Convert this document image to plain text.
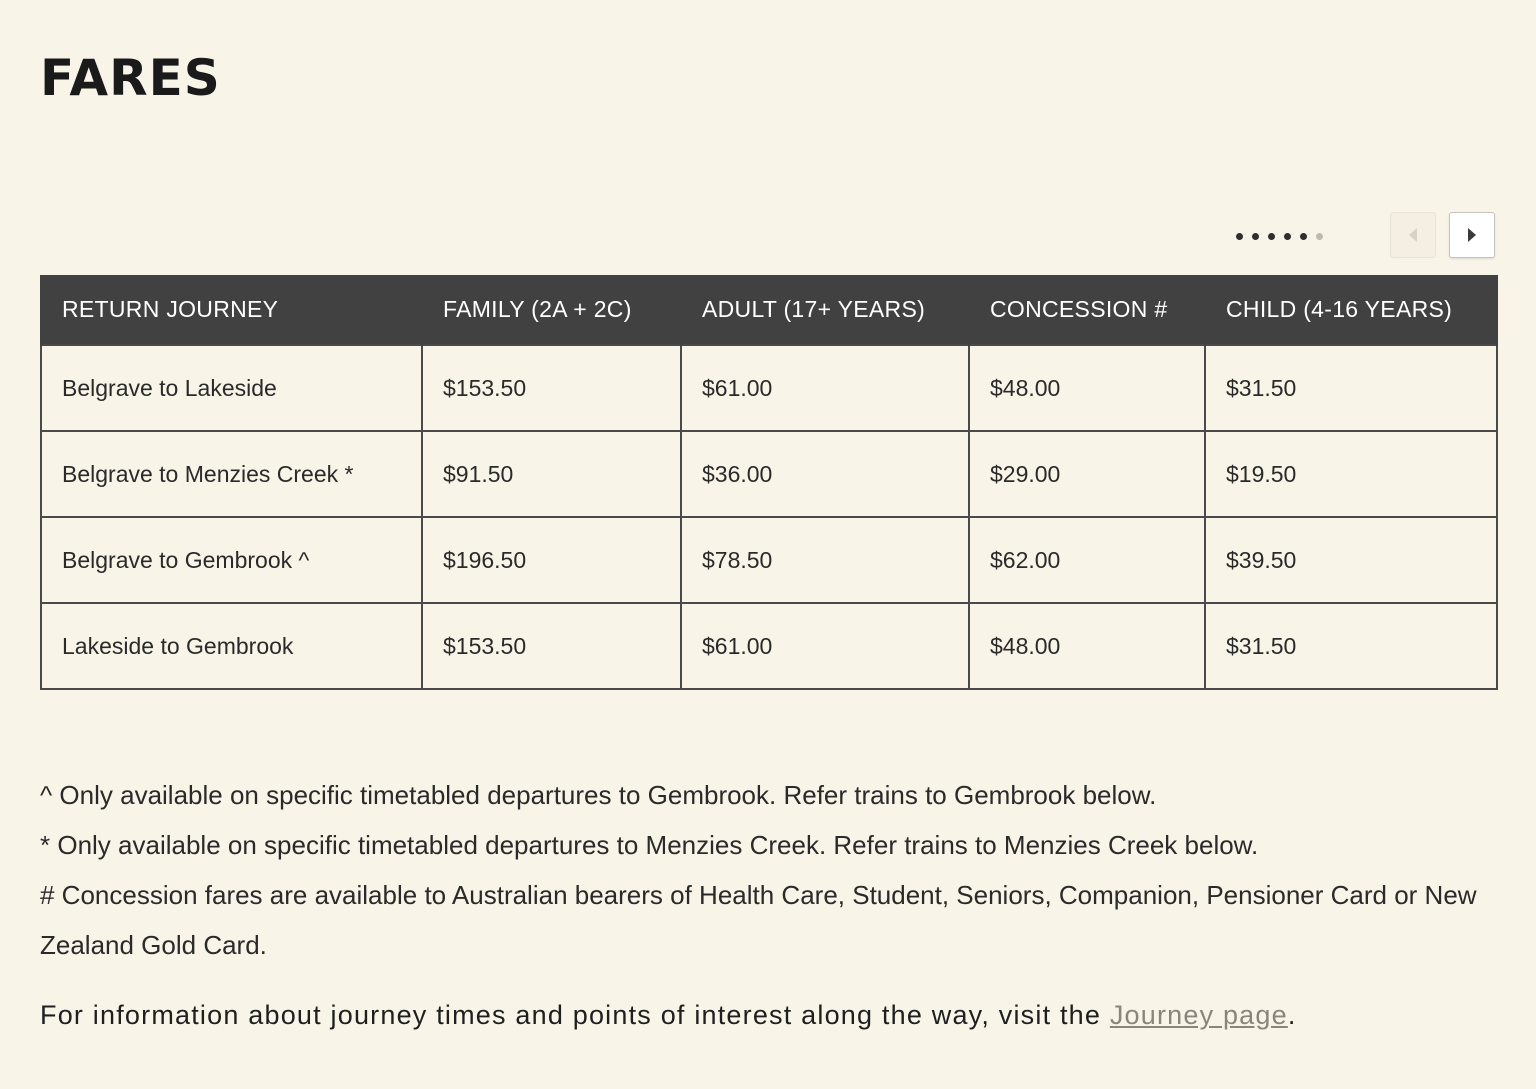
FARES
RETURN JOURNEY	FAMILY (2A + 2C)	ADULT (17+ YEARS)	CONCESSION #	CHILD (4-16 YEARS)
Belgrave to Lakeside	$153.50	$61.00	$48.00	$31.50
Belgrave to Menzies Creek *	$91.50	$36.00	$29.00	$19.50
Belgrave to Gembrook ^	$196.50	$78.50	$62.00	$39.50
Lakeside to Gembrook	$153.50	$61.00	$48.00	$31.50

^ Only available on specific timetabled departures to Gembrook. Refer trains to Gembrook below.

* Only available on specific timetabled departures to Menzies Creek. Refer trains to Menzies Creek below.

# Concession fares are available to Australian bearers of Health Care, Student, Seniors, Companion, Pensioner Card or New Zealand Gold Card.

For information about journey times and points of interest along the way, visit the Journey page.
